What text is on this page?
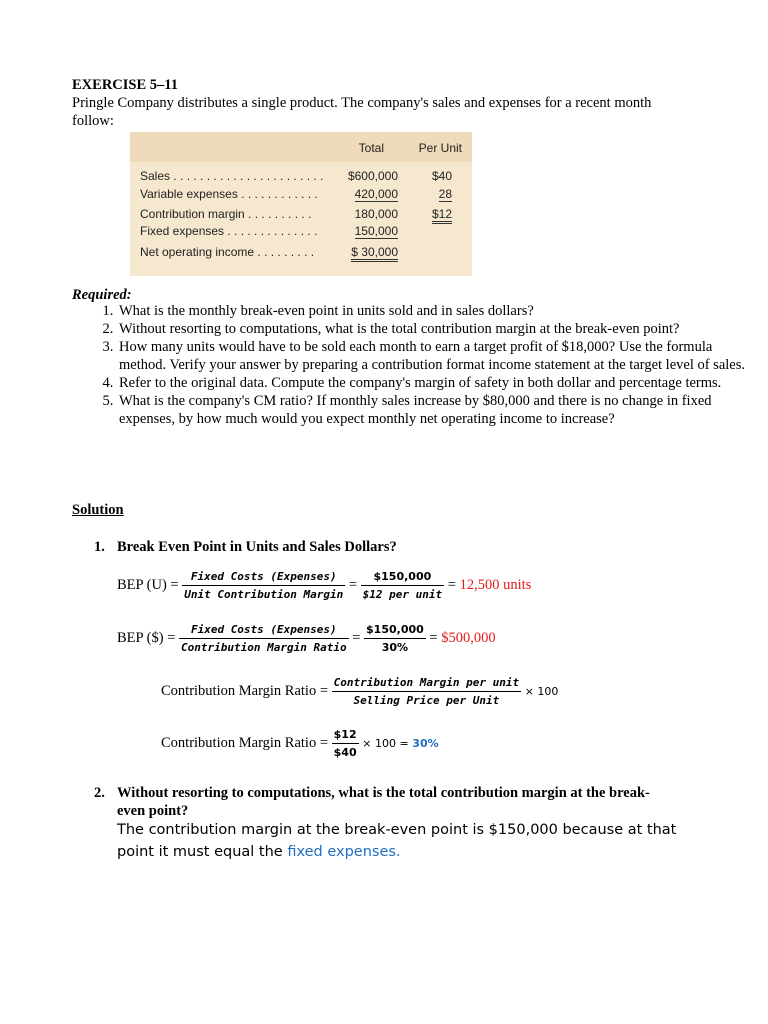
EXERCISE 5–11
Pringle Company distributes a single product. The company's sales and expenses for a recent month
follow:
Total	Per Unit
Sales . . . . . . . . . . . . . . . . . . . . . . . $600,000	$40
Variable expenses . . . . . . . . . . . .	420,000	28
Contribution margin . . . . . . . . . .	180,000	$12
Fixed expenses . . . . . . . . . . . . . .	150,000
Net operating income . . . . . . . . .	$ 30,000
Required:
1. What is the monthly break-even point in units sold and in sales dollars?
2. Without resorting to computations, what is the total contribution margin at the break-even point?
3. How many units would have to be sold each month to earn a target profit of $18,000? Use the formula method. Verify your answer by preparing a contribution format income statement at the target level of sales.
4. Refer to the original data. Compute the company's margin of safety in both dollar and percentage terms.
5. What is the company's CM ratio? If monthly sales increase by $80,000 and there is no change in fixed expenses, by how much would you expect monthly net operating income to increase?
Solution
1. Break Even Point in Units and Sales Dollars?
BEP $(U) = \frac{\text{Fixed Costs (Expenses)}}{\text{Unit Contribution Margin}} = \frac{\$150,000}{\text{\$12 per unit}} = 12,500$ units
BEP ($) = $\frac{\text{Fixed Costs (Expenses)}}{\text{Contribution Margin Ratio}} = \frac{\$150,000}{30\%}$ = $500,000
Contribution Margin Ratio = $\frac{\text{Contribution Margin per unit}}{\text{Selling Price per Unit}} \times 100$
Contribution Margin Ratio = $\frac{\$12}{\$40} \times 100 = 30\%$
2. Without resorting to computations, what is the total contribution margin at the break-
even point?
The contribution margin at the break-even point is $150,000 because at that
point it must equal the fixed expenses.
